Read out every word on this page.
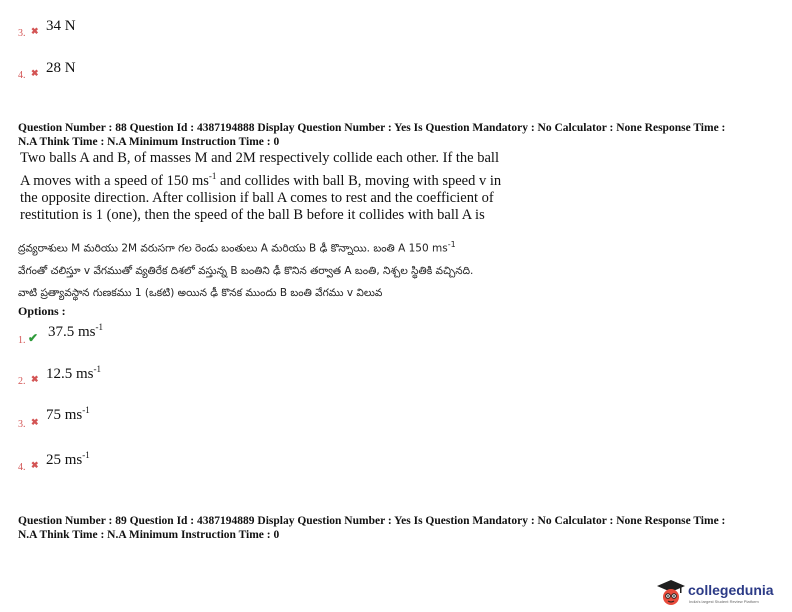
3. ✖ 34 N
4. ✖ 28 N
Question Number : 88 Question Id : 4387194888 Display Question Number : Yes Is Question Mandatory : No Calculator : None Response Time :
N.A Think Time : N.A Minimum Instruction Time : 0
Two balls A and B, of masses M and 2M respectively collide each other. If the ball
A moves with a speed of 150 $ms^{-1}$ and collides with ball B, moving with speed v in
the opposite direction. After collision if ball A comes to rest and the coefficient of
restitution is 1 (one), then the speed of the ball B before it collides with ball A is
ద్రవ్యరాశులు M మరియు 2M వరుసగా గల రెండు బంతులు A మరియు B ఢీ కొన్నాయి. బంతి A 150 $ms^{-1}$
వేగంతో చలిస్తూ v వేగముతో వ్యతిరేక దిశలో వస్తున్న B బంతిని ఢీ కొనిన తర్వాత A బంతి, నిశ్చల స్థితికి వచ్చినది.
వాటి ప్రత్యావస్థాన గుణకము 1 (ఒకటి) అయిన ఢీ కొనక ముందు B బంతి వేగము v విలువ
Options :
1. ✔ 37.5 $ms^{-1}$
2. ✖ 12.5 $ms^{-1}$
3. ✖ 75 $ms^{-1}$
4. ✖ 25 $ms^{-1}$
Question Number : 89 Question Id : 4387194889 Display Question Number : Yes Is Question Mandatory : No Calculator : None Response Time :
N.A Think Time : N.A Minimum Instruction Time : 0
collegedunia
India's largest Student Review Platform
